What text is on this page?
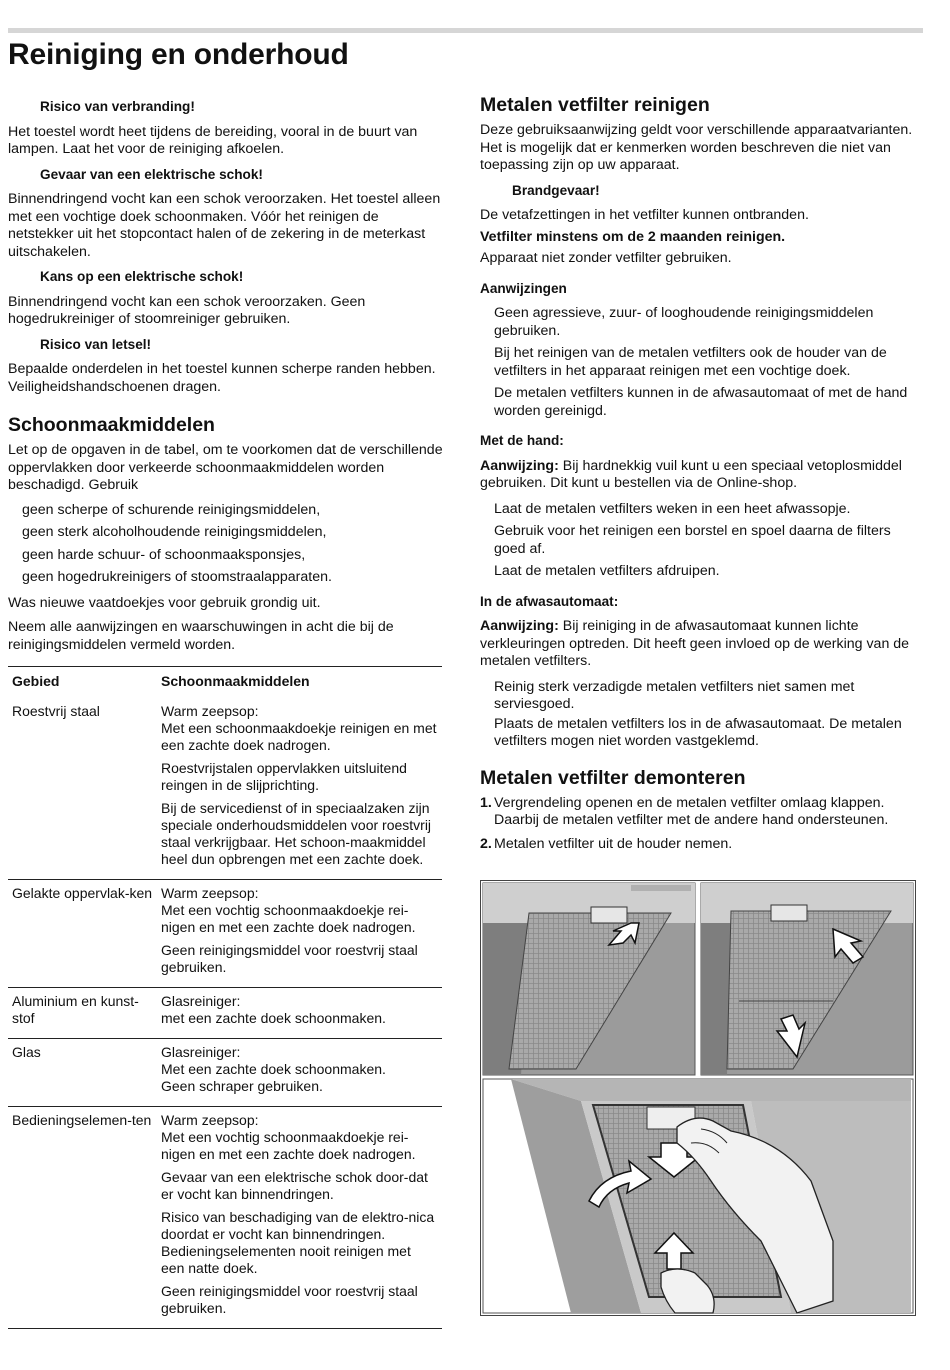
Reiniging en onderhoud

Risico van verbranding!

Het toestel wordt heet tijdens de bereiding, vooral in de buurt van lampen. Laat het voor de reiniging afkoelen.

Gevaar van een elektrische schok!

Binnendringend vocht kan een schok veroorzaken. Het toestel alleen met een vochtige doek schoonmaken. Vóór het reinigen de netstekker uit het stopcontact halen of de zekering in de meterkast uitschakelen.

Kans op een elektrische schok!

Binnendringend vocht kan een schok veroorzaken. Geen hogedrukreiniger of stoomreiniger gebruiken.

Risico van letsel!

Bepaalde onderdelen in het toestel kunnen scherpe randen hebben. Veiligheidshandschoenen dragen.

Schoonmaakmiddelen

Let op de opgaven in de tabel, om te voorkomen dat de verschillende oppervlakken door verkeerde schoonmaakmiddelen worden beschadigd. Gebruik

geen scherpe of schurende reinigingsmiddelen,

geen sterk alcoholhoudende reinigingsmiddelen,

geen harde schuur- of schoonmaaksponsjes,

geen hogedrukreinigers of stoomstraalapparaten.

Was nieuwe vaatdoekjes voor gebruik grondig uit.

Neem alle aanwijzingen en waarschuwingen in acht die bij de reinigingsmiddelen vermeld worden.

Gebied	Schoonmaakmiddelen
Roestvrij staal	Warm zeepsop:
Met een schoonmaakdoekje reinigen en met een zachte doek nadrogen.

Roestvrijstalen oppervlakken uitsluitend reingen in de slijprichting.

Bij de servicedienst of in speciaalzaken zijn speciale onderhoudsmiddelen voor roestvrij staal verkrijgbaar. Het schoon-maakmiddel heel dun opbrengen met een zachte doek.

Gelakte oppervlak-ken	Warm zeepsop:
Met een vochtig schoonmaakdoekje rei-nigen en met een zachte doek nadrogen.

Geen reinigingsmiddel voor roestvrij staal gebruiken.

Aluminium en kunst-stof	Glasreiniger:
met een zachte doek schoonmaken.

Glas	Glasreiniger:
Met een zachte doek schoonmaken.
Geen schraper gebruiken.

Bedieningselemen-ten	Warm zeepsop:
Met een vochtig schoonmaakdoekje rei-nigen en met een zachte doek nadrogen.

Gevaar van een elektrische schok door-dat er vocht kan binnendringen.

Risico van beschadiging van de elektro-nica doordat er vocht kan binnendringen. Bedieningselementen nooit reinigen met een natte doek.

Geen reinigingsmiddel voor roestvrij staal gebruiken.

Metalen vetfilter reinigen

Deze gebruiksaanwijzing geldt voor verschillende apparaatvarianten. Het is mogelijk dat er kenmerken worden beschreven die niet van toepassing zijn op uw apparaat.

Brandgevaar!

De vetafzettingen in het vetfilter kunnen ontbranden.

Vetfilter minstens om de 2 maanden reinigen.

Apparaat niet zonder vetfilter gebruiken.

Aanwijzingen

Geen agressieve, zuur- of looghoudende reinigingsmiddelen gebruiken.

Bij het reinigen van de metalen vetfilters ook de houder van de vetfilters in het apparaat reinigen met een vochtige doek.

De metalen vetfilters kunnen in de afwasautomaat of met de hand worden gereinigd.

Met de hand:

Aanwijzing: Bij hardnekkig vuil kunt u een speciaal vetoplosmiddel gebruiken. Dit kunt u bestellen via de Online-shop.

Laat de metalen vetfilters weken in een heet afwassopje.

Gebruik voor het reinigen een borstel en spoel daarna de filters goed af.

Laat de metalen vetfilters afdruipen.

In de afwasautomaat:

Aanwijzing: Bij reiniging in de afwasautomaat kunnen lichte verkleuringen optreden. Dit heeft geen invloed op de werking van de metalen vetfilters.

Reinig sterk verzadigde metalen vetfilters niet samen met serviesgoed.

Plaats de metalen vetfilters los in de afwasautomaat. De metalen vetfilters mogen niet worden vastgeklemd.

Metalen vetfilter demonteren
1. Vergrendeling openen en de metalen vetfilter omlaag klappen. Daarbij de metalen vetfilter met de andere hand ondersteunen.
2. Metalen vetfilter uit de houder nemen.
